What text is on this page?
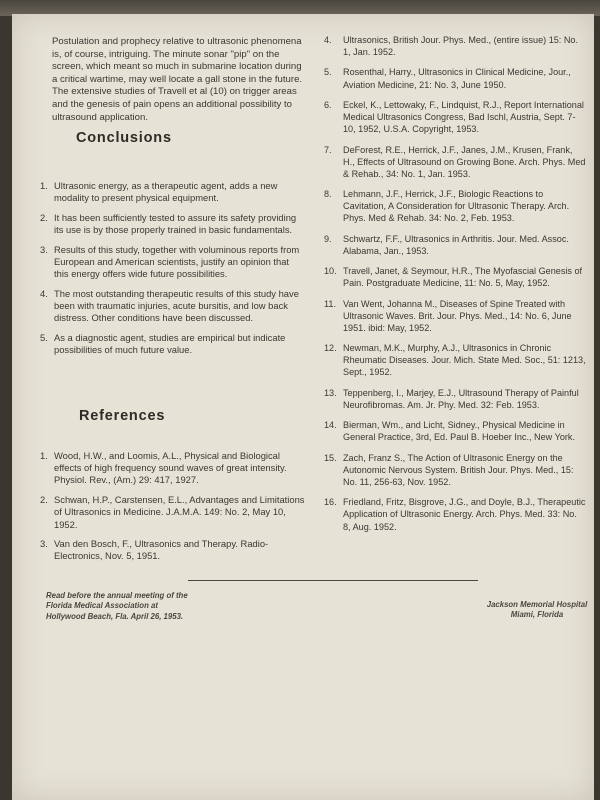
Postulation and prophecy relative to ultrasonic phenomena is, of course, intriguing. The minute sonar "pip" on the screen, which meant so much in submarine location during a critical wartime, may well locate a gall stone in the future. The extensive studies of Travell et al (10) on trigger areas and the genesis of pain opens an additional possibility to ultrasound application.

Conclusions
1. Ultrasonic energy, as a therapeutic agent, adds a new modality to present physical equipment.
2. It has been sufficiently tested to assure its safety providing its use is by those properly trained in basic fundamentals.
3. Results of this study, together with voluminous reports from European and American scientists, justify an opinion that this energy offers wide future possibilities.
4. The most outstanding therapeutic results of this study have been with traumatic injuries, acute bursitis, and low back distress. Other conditions have been discussed.
5. As a diagnostic agent, studies are empirical but indicate possibilities of much future value.
References
1. Wood, H.W., and Loomis, A.L., Physical and Biological effects of high frequency sound waves of great intensity. Physiol. Rev., (Am.) 29: 417, 1927.
2. Schwan, H.P., Carstensen, E.L., Advantages and Limitations of Ultrasonics in Medicine. J.A.M.A. 149: No. 2, May 10, 1952.
3. Van den Bosch, F., Ultrasonics and Therapy. Radio-Electronics, Nov. 5, 1951.
4.	Ultrasonics, British Jour. Phys. Med., (entire issue) 15: No. 1, Jan. 1952.
5.	Rosenthal, Harry., Ultrasonics in Clinical Medicine, Jour., Aviation Medicine, 21: No. 3, June 1950.
6.	Eckel, K., Lettowaky, F., Lindquist, R.J., Report International Medical Ultrasonics Congress, Bad Ischl, Austria, Sept. 7-10, 1952, U.S.A. Copyright, 1953.
7.	DeForest, R.E., Herrick, J.F., Janes, J.M., Krusen, Frank, H., Effects of Ultrasound on Growing Bone. Arch. Phys. Med & Rehab., 34: No. 1, Jan. 1953.
8.	Lehmann, J.F., Herrick, J.F., Biologic Reactions to Cavitation, A Consideration for Ultrasonic Therapy. Arch. Phys. Med & Rehab. 34: No. 2, Feb. 1953.
9.	Schwartz, F.F., Ultrasonics in Arthritis. Jour. Med. Assoc. Alabama, Jan., 1953.
10. Travell, Janet, & Seymour, H.R., The Myofascial Genesis of Pain. Postgraduate Medicine, 11: No. 5, May, 1952.
11. Van Went, Johanna M., Diseases of Spine Treated with Ultrasonic Waves. Brit. Jour. Phys. Med., 14: No. 6, June 1951. ibid: May, 1952.
12. Newman, M.K., Murphy, A.J., Ultrasonics in Chronic Rheumatic Diseases. Jour. Mich. State Med. Soc., 51: 1213, Sept., 1952.
13. Teppenberg, I., Marjey, E.J., Ultrasound Therapy of Painful Neurofibromas. Am. Jr. Phy. Med. 32: Feb. 1953.
14. Bierman, Wm., and Licht, Sidney., Physical Medicine in General Practice, 3rd, Ed. Paul B. Hoeber Inc., New York.
15. Zach, Franz S., The Action of Ultrasonic Energy on the Autonomic Nervous System. British Jour. Phys. Med., 15: No. 11, 256-63, Nov. 1952.
16. Friedland, Fritz, Bisgrove, J.G., and Doyle, B.J., Therapeutic Application of Ultrasonic Energy. Arch. Phys. Med. 33: No. 8, Aug. 1952.
Read before the annual meeting of the
Florida Medical Association at
Hollywood Beach, Fla. April 26, 1953.
Jackson Memorial Hospital
Miami, Florida
